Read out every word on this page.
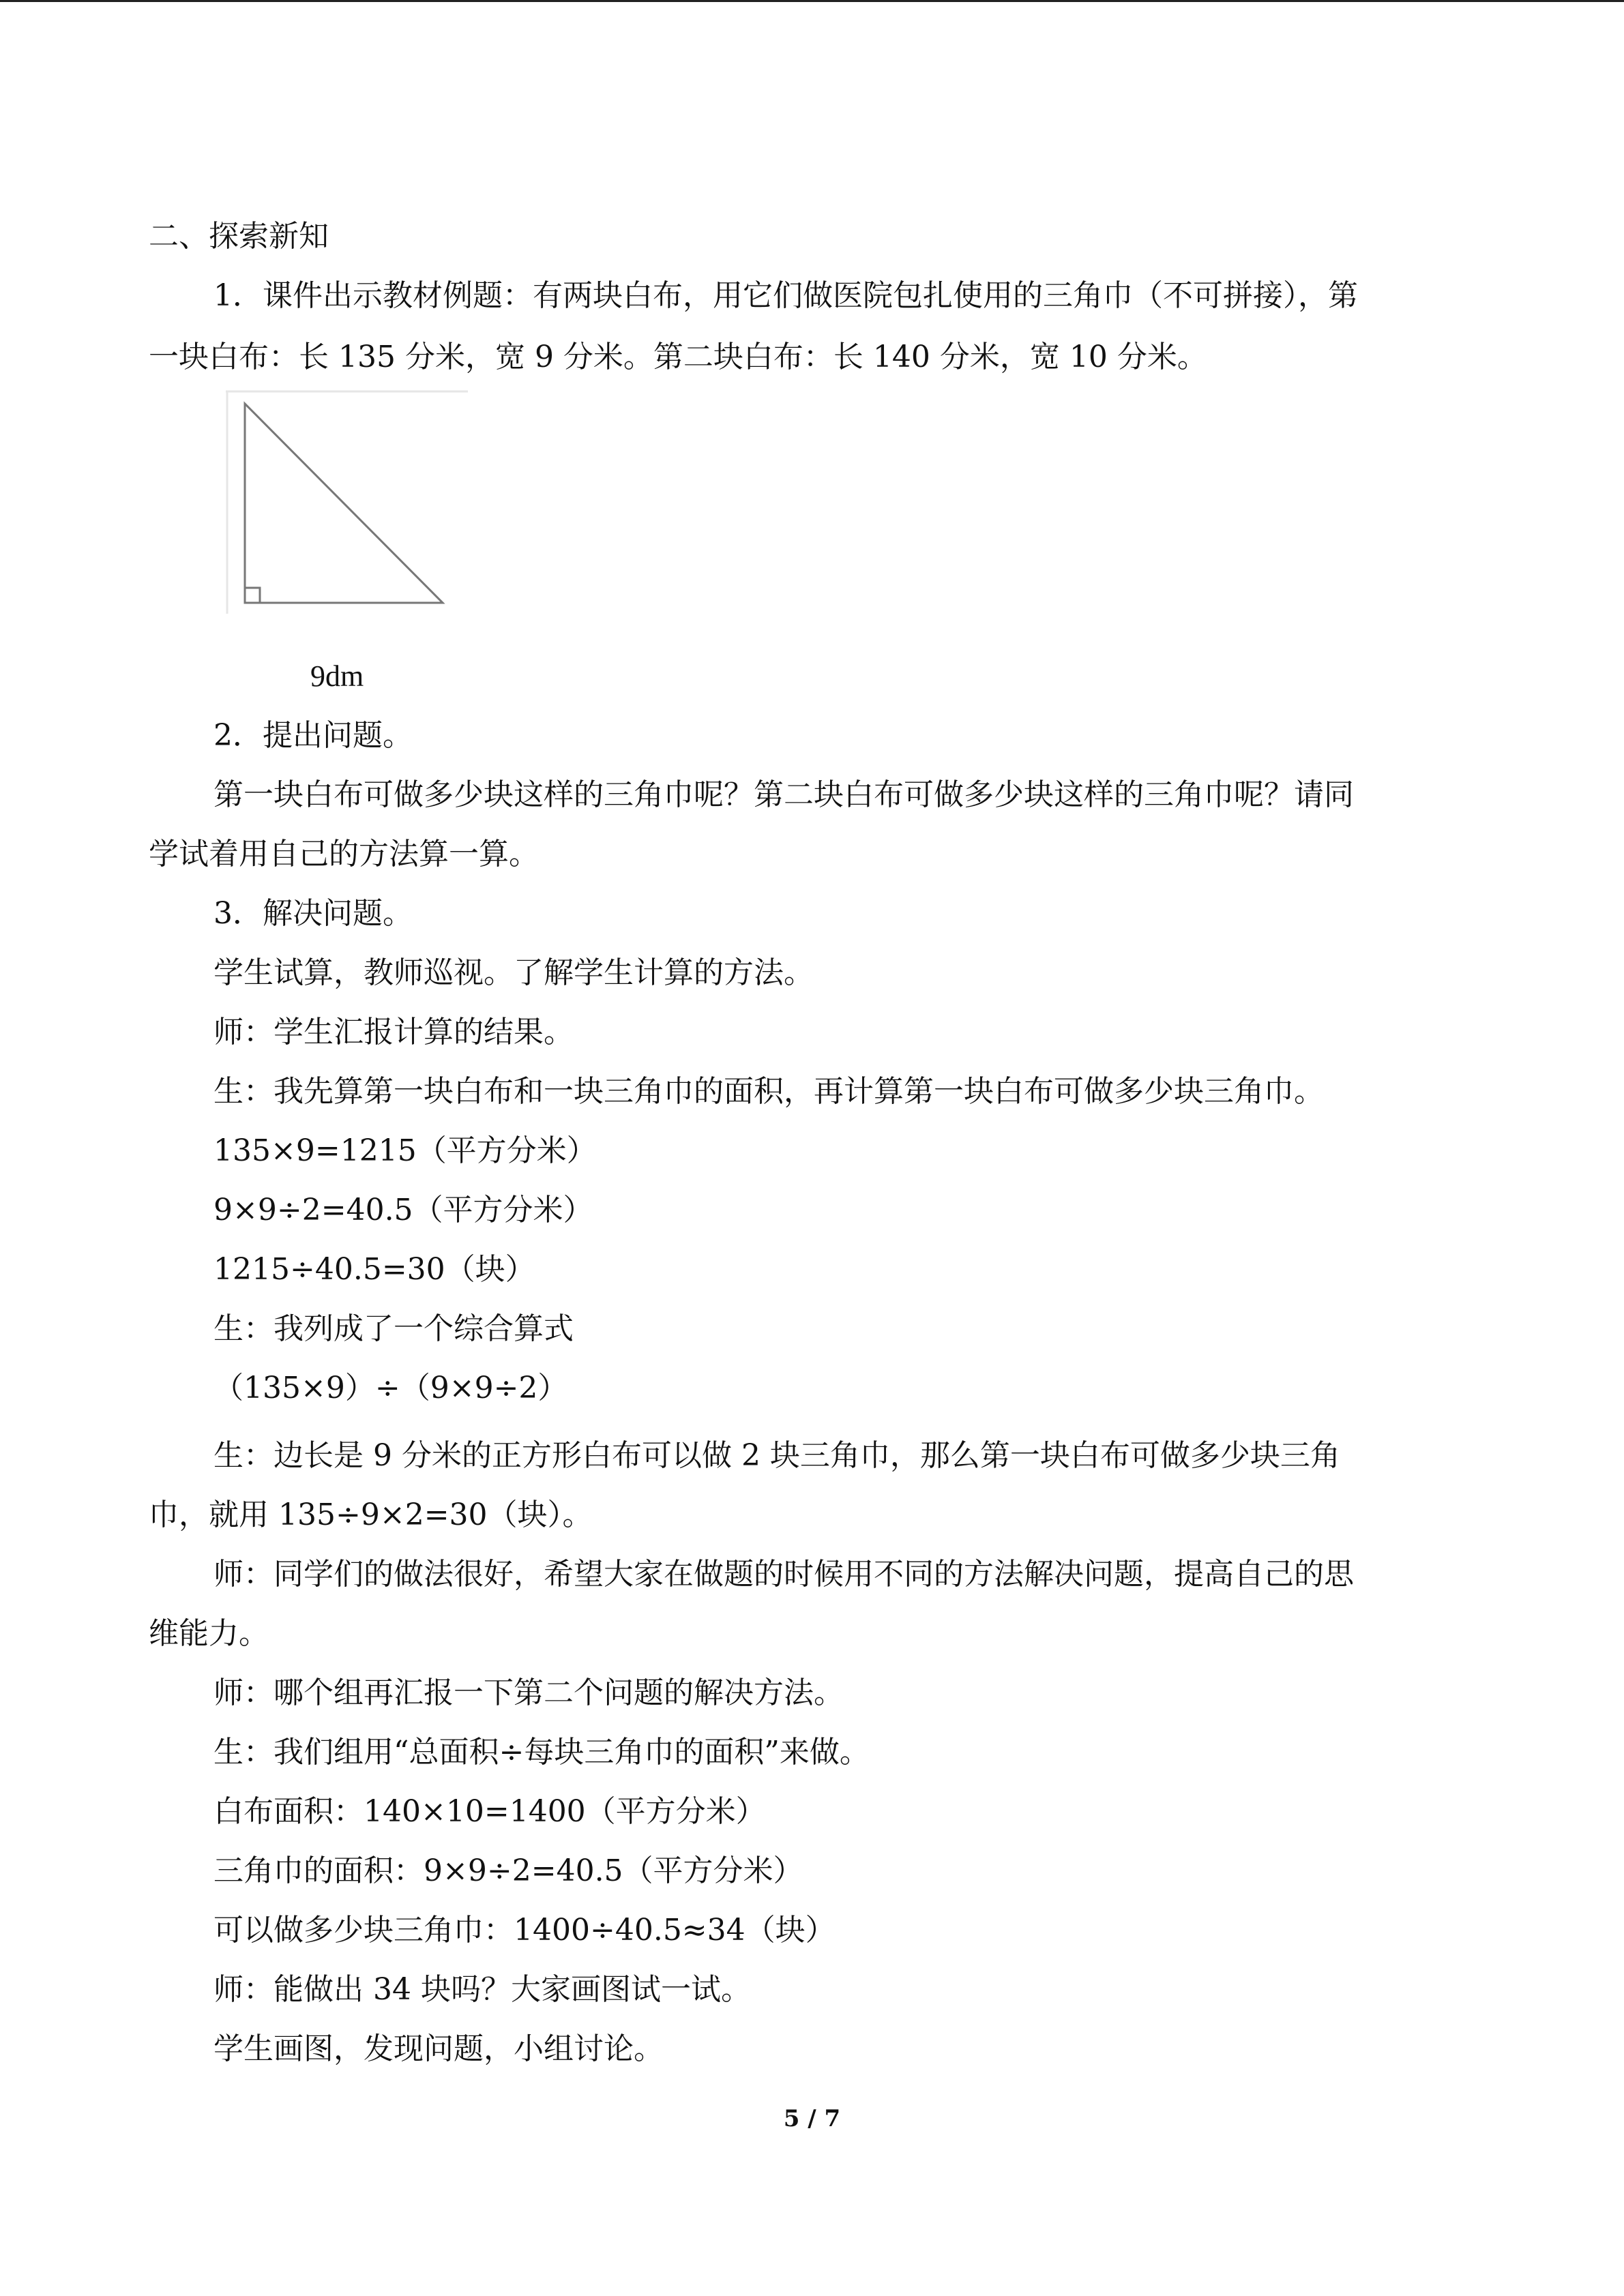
二、探索新知
1．课件出示教材例题：有两块白布，用它们做医院包扎使用的三角巾（不可拼接），第
一块白布：长 135 分米，宽 9 分米。第二块白布：长 140 分米，宽 10 分米。
9dm
2．提出问题。
第一块白布可做多少块这样的三角巾呢？第二块白布可做多少块这样的三角巾呢？请同
学试着用自己的方法算一算。
3．解决问题。
学生试算，教师巡视。了解学生计算的方法。
师：学生汇报计算的结果。
生：我先算第一块白布和一块三角巾的面积，再计算第一块白布可做多少块三角巾。
135×9=1215（平方分米）
9×9÷2=40.5（平方分米）
1215÷40.5=30（块）
生：我列成了一个综合算式
（135×9）÷（9×9÷2）
生：边长是 9 分米的正方形白布可以做 2 块三角巾，那么第一块白布可做多少块三角
巾，就用 135÷9×2=30（块）。
师：同学们的做法很好，希望大家在做题的时候用不同的方法解决问题，提高自己的思
维能力。
师：哪个组再汇报一下第二个问题的解决方法。
生：我们组用“总面积÷每块三角巾的面积”来做。
白布面积：140×10=1400（平方分米）
三角巾的面积：9×9÷2=40.5（平方分米）
可以做多少块三角巾：1400÷40.5≈34（块）
师：能做出 34 块吗？大家画图试一试。
学生画图，发现问题，小组讨论。
5 / 7
